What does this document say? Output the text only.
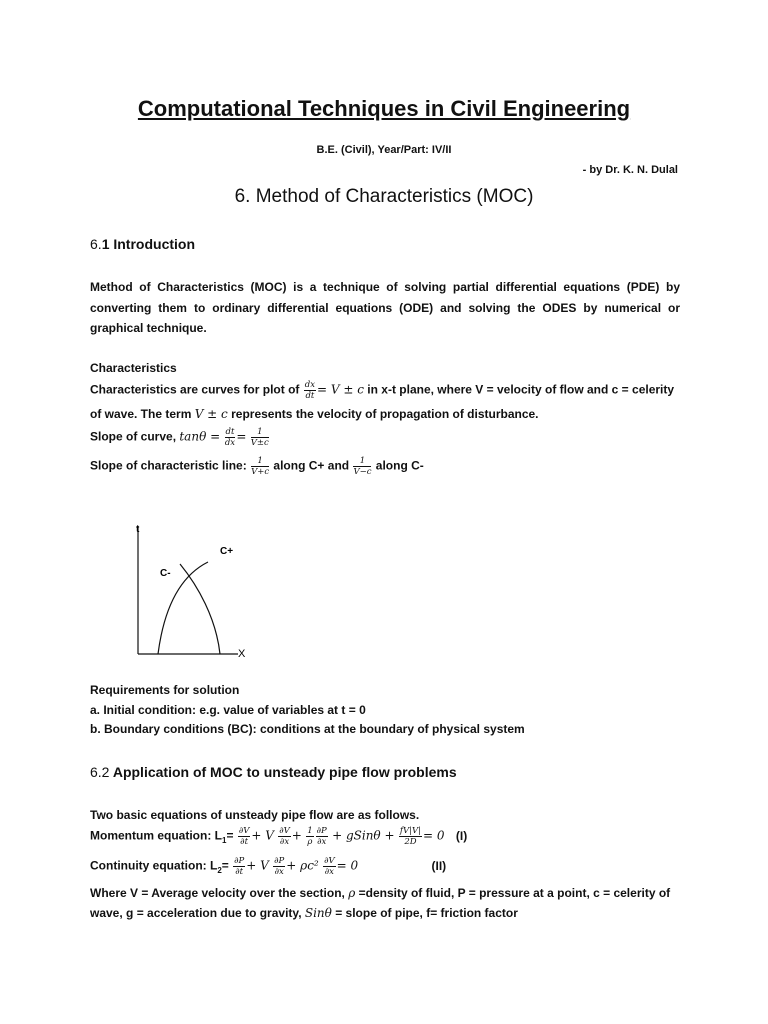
Computational Techniques in Civil Engineering
B.E. (Civil), Year/Part: IV/II
- by Dr. K. N. Dulal
6. Method of Characteristics (MOC)
6.1 Introduction
Method of Characteristics (MOC) is a technique of solving partial differential equations (PDE) by converting them to ordinary differential equations (ODE) and solving the ODES by numerical or graphical technique.
Characteristics
Characteristics are curves for plot of $\frac{dx}{dt} = V \pm c$ in x-t plane, where V = velocity of flow and c = celerity
of wave. The term V ± c represents the velocity of propagation of disturbance.
Slope of curve, $\tan\theta = \frac{dt}{dx} = \frac{1}{V\pm c}$
Slope of characteristic line: $\frac{1}{V+c}$ along C+ and $\frac{1}{V-c}$ along C-
t
X
C+
C-
Requirements for solution
a. Initial condition: e.g. value of variables at t = 0
b. Boundary conditions (BC): conditions at the boundary of physical system
6.2 Application of MOC to unsteady pipe flow problems
Two basic equations of unsteady pipe flow are as follows.
Momentum equation: $L_1= \frac{\partial V}{\partial t} + V \frac{\partial V}{\partial x} + \frac{1}{\rho} \frac{\partial P}{\partial x}$ + gSinθ + $\frac{fV|V|}{2D} = 0$ (I)
Continuity equation: $L_2= \frac{\partial P}{\partial t} + V \frac{\partial P}{\partial x} + \rho c^2 \frac{\partial V}{\partial x} = 0$	(II)
Where V = Average velocity over the section, ρ =density of fluid, P = pressure at a point, c = celerity of
wave, g = acceleration due to gravity, Sinθ = slope of pipe, f= friction factor
